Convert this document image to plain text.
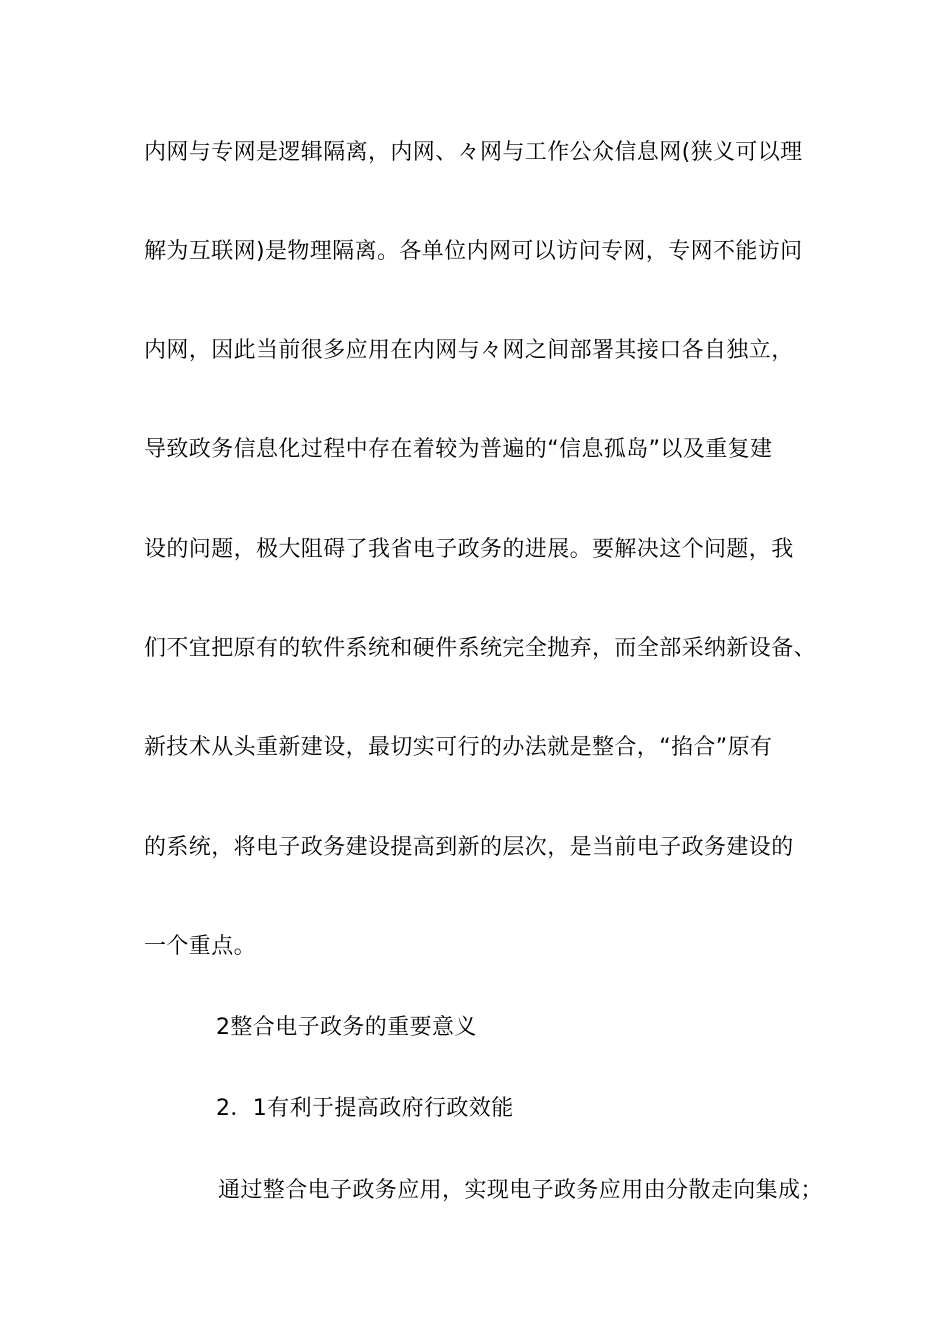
内网与专网是逻辑隔离，内网、々网与工作公众信息网(狭义可以理
解为互联网)是物理隔离。各单位内网可以访问专网，专网不能访问
内网，因此当前很多应用在内网与々网之间部署其接口各自独立，
导致政务信息化过程中存在着较为普遍的“信息孤岛”以及重复建
设的问题，极大阻碍了我省电子政务的进展。要解决这个问题，我
们不宜把原有的软件系统和硬件系统完全抛弃，而全部采纳新设备、
新技术从头重新建设，最切实可行的办法就是整合，“掐合”原有
的系统，将电子政务建设提高到新的层次，是当前电子政务建设的
一个重点。
2整合电子政务的重要意义
2．1有利于提高政府行政效能
通过整合电子政务应用，实现电子政务应用由分散走向集成；
